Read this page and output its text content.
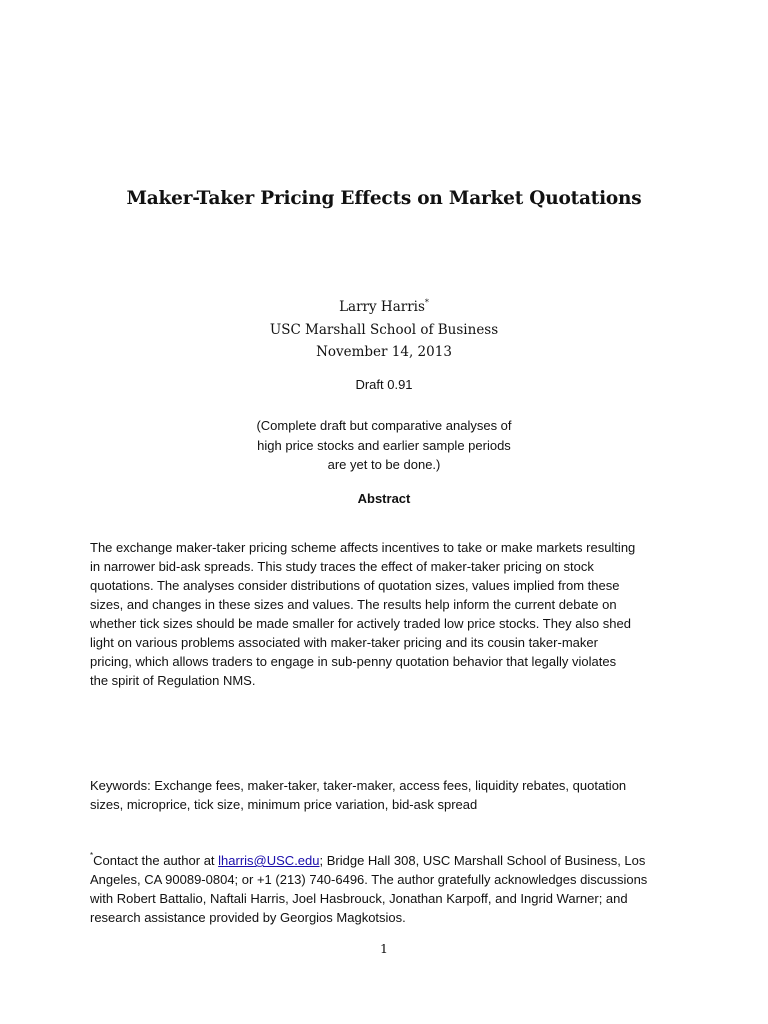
Maker-Taker Pricing Effects on Market Quotations
Larry Harris*
USC Marshall School of Business
November 14, 2013
Draft 0.91
(Complete draft but comparative analyses of
high price stocks and earlier sample periods
are yet to be done.)
Abstract

The exchange maker-taker pricing scheme affects incentives to take or make markets resulting
in narrower bid-ask spreads. This study traces the effect of maker-taker pricing on stock
quotations. The analyses consider distributions of quotation sizes, values implied from these
sizes, and changes in these sizes and values. The results help inform the current debate on
whether tick sizes should be made smaller for actively traded low price stocks. They also shed
light on various problems associated with maker-taker pricing and its cousin taker-maker
pricing, which allows traders to engage in sub-penny quotation behavior that legally violates
the spirit of Regulation NMS.

Keywords: Exchange fees, maker-taker, taker-maker, access fees, liquidity rebates, quotation
sizes, microprice, tick size, minimum price variation, bid-ask spread

*Contact the author at lharris@USC.edu; Bridge Hall 308, USC Marshall School of Business, Los
Angeles, CA 90089-0804; or +1 (213) 740-6496. The author gratefully acknowledges discussions
with Robert Battalio, Naftali Harris, Joel Hasbrouck, Jonathan Karpoff, and Ingrid Warner; and
research assistance provided by Georgios Magkotsios.

1
